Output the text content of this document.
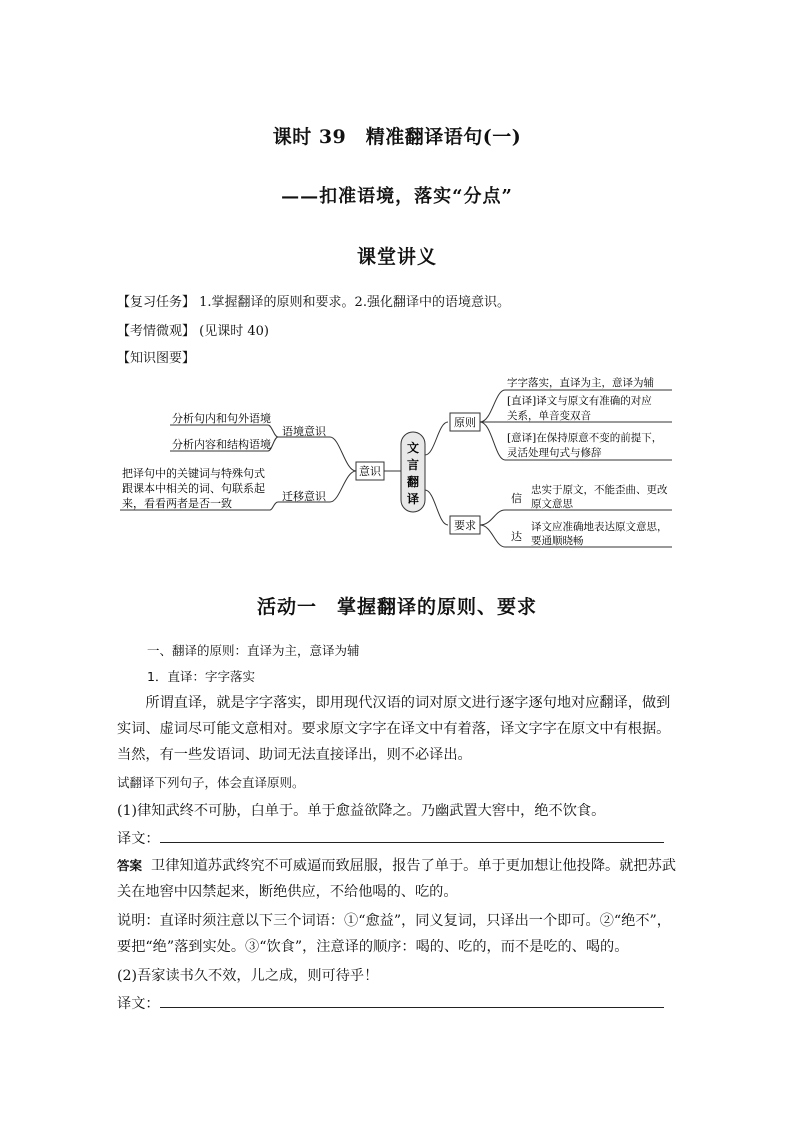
课时 39　精准翻译语句(一)
——扣准语境，落实“分点”
课堂讲义
【复习任务】 1.掌握翻译的原则和要求。2.强化翻译中的语境意识。
【考情微观】 (见课时 40)
【知识图要】
文
言
翻
译
意识
语境意识
迁移意识
分析句内和句外语境
分析内容和结构语境
把译句中的关键词与特殊句式
跟课本中相关的词、句联系起
来，看看两者是否一致
原则
要求
字字落实，直译为主，意译为辅
[直译]译文与原文有准确的对应
关系，单音变双音
[意译]在保持原意不变的前提下，
灵活处理句式与修辞
信
忠实于原文，不能歪曲、更改
原文意思
达
译文应准确地表达原文意思，
要通顺晓畅
活动一　掌握翻译的原则、要求
一、翻译的原则：直译为主，意译为辅
1．直译：字字落实
所谓直译，就是字字落实，即用现代汉语的词对原文进行逐字逐句地对应翻译，做到实词、虚词尽可能文意相对。要求原文字字在译文中有着落，译文字字在原文中有根据。当然，有一些发语词、助词无法直接译出，则不必译出。
试翻译下列句子，体会直译原则。
(1)律知武终不可胁，白单于。单于愈益欲降之。乃幽武置大窖中，绝不饮食。
译文：
答案 卫律知道苏武终究不可威逼而致屈服，报告了单于。单于更加想让他投降。就把苏武关在地窖中囚禁起来，断绝供应，不给他喝的、吃的。
说明：直译时须注意以下三个词语：①“愈益”，同义复词，只译出一个即可。②“绝不”，要把“绝”落到实处。③“饮食”，注意译的顺序：喝的、吃的，而不是吃的、喝的。
(2)吾家读书久不效，儿之成，则可待乎！
译文：
